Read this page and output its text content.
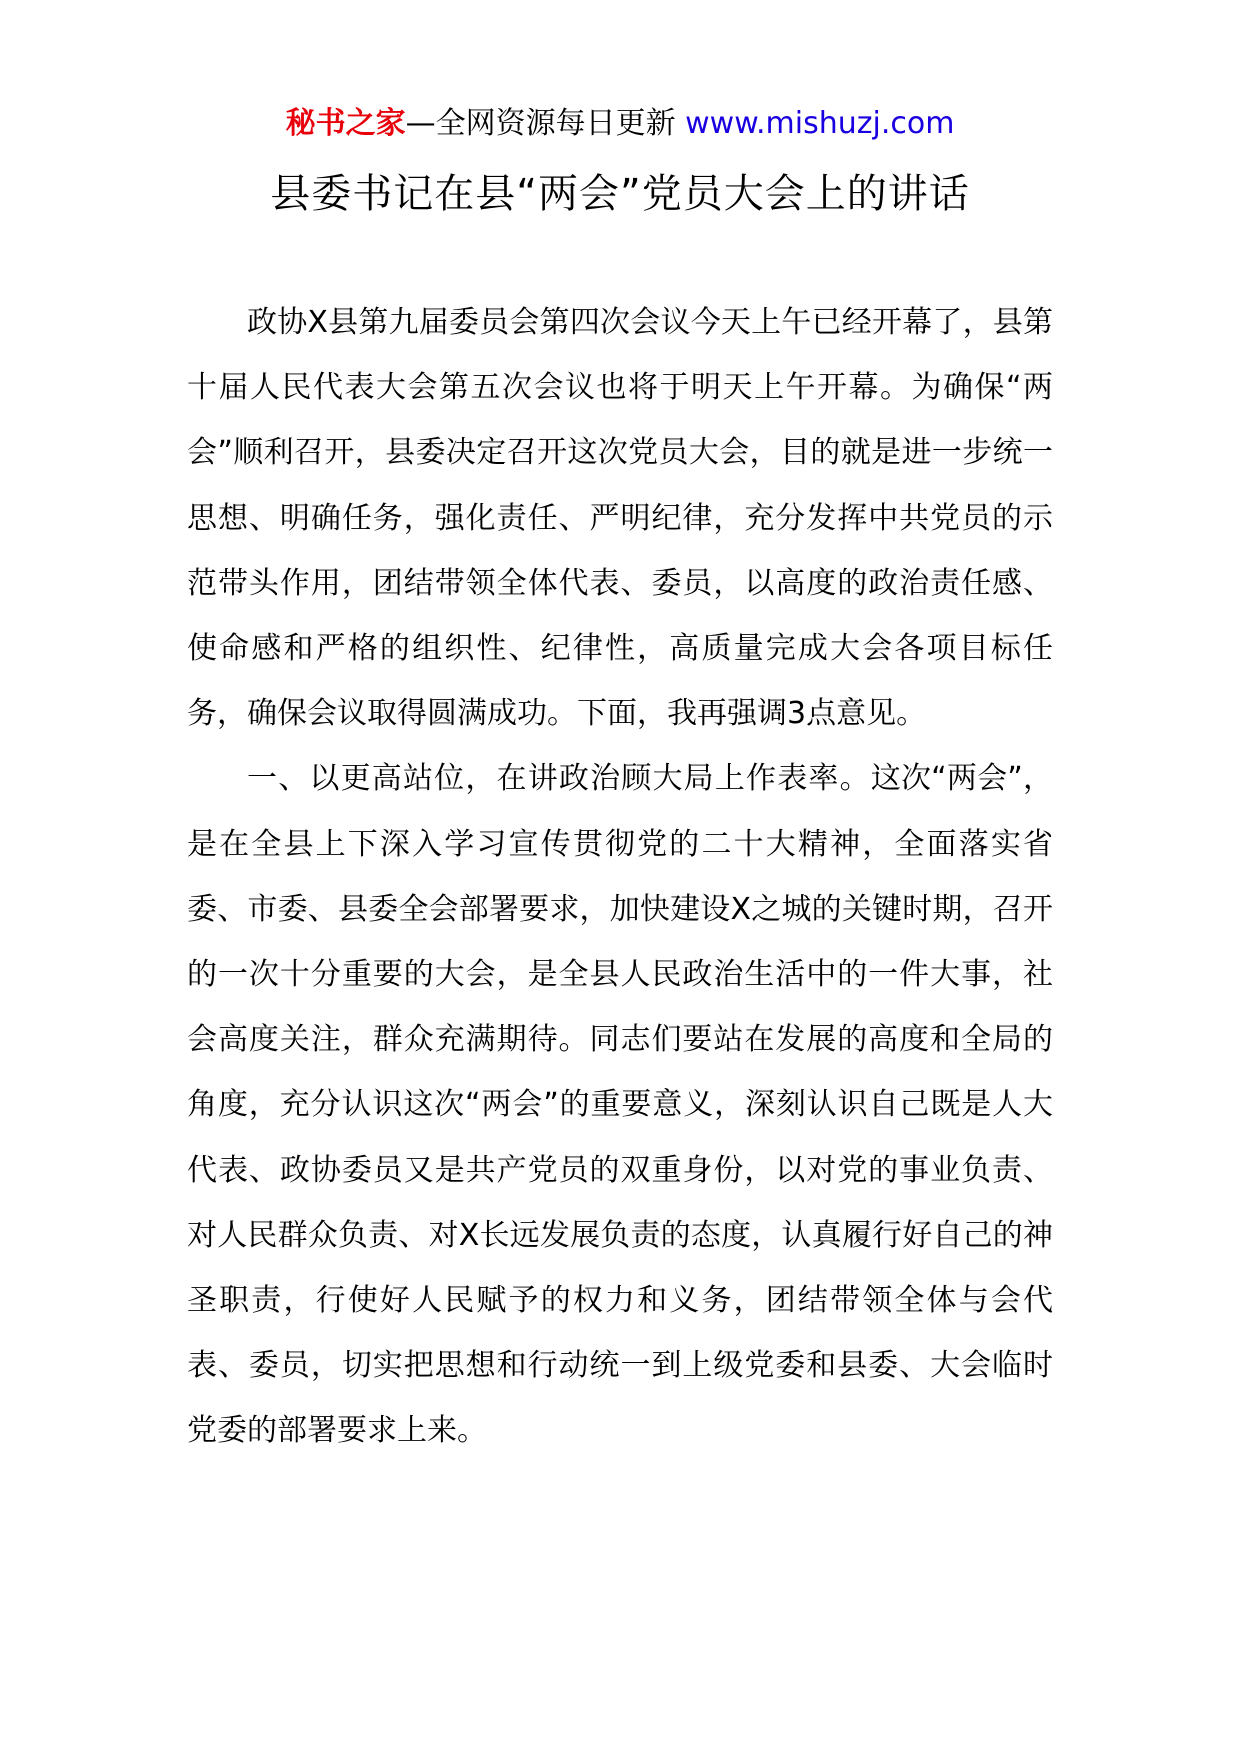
秘书之家—全网资源每日更新 www.mishuzj.com
县委书记在县“两会”党员大会上的讲话

政协X县第九届委员会第四次会议今天上午已经开幕了，县第十届人民代表大会第五次会议也将于明天上午开幕。为确保“两会”顺利召开，县委决定召开这次党员大会，目的就是进一步统一思想、明确任务，强化责任、严明纪律，充分发挥中共党员的示范带头作用，团结带领全体代表、委员，以高度的政治责任感、使命感和严格的组织性、纪律性，高质量完成大会各项目标任务，确保会议取得圆满成功。下面，我再强调3点意见。

一、以更高站位，在讲政治顾大局上作表率。这次“两会”，是在全县上下深入学习宣传贯彻党的二十大精神，全面落实省委、市委、县委全会部署要求，加快建设X之城的关键时期，召开的一次十分重要的大会，是全县人民政治生活中的一件大事，社会高度关注，群众充满期待。同志们要站在发展的高度和全局的角度，充分认识这次“两会”的重要意义，深刻认识自己既是人大代表、政协委员又是共产党员的双重身份，以对党的事业负责、对人民群众负责、对X长远发展负责的态度，认真履行好自己的神圣职责，行使好人民赋予的权力和义务，团结带领全体与会代表、委员，切实把思想和行动统一到上级党委和县委、大会临时党委的部署要求上来。
